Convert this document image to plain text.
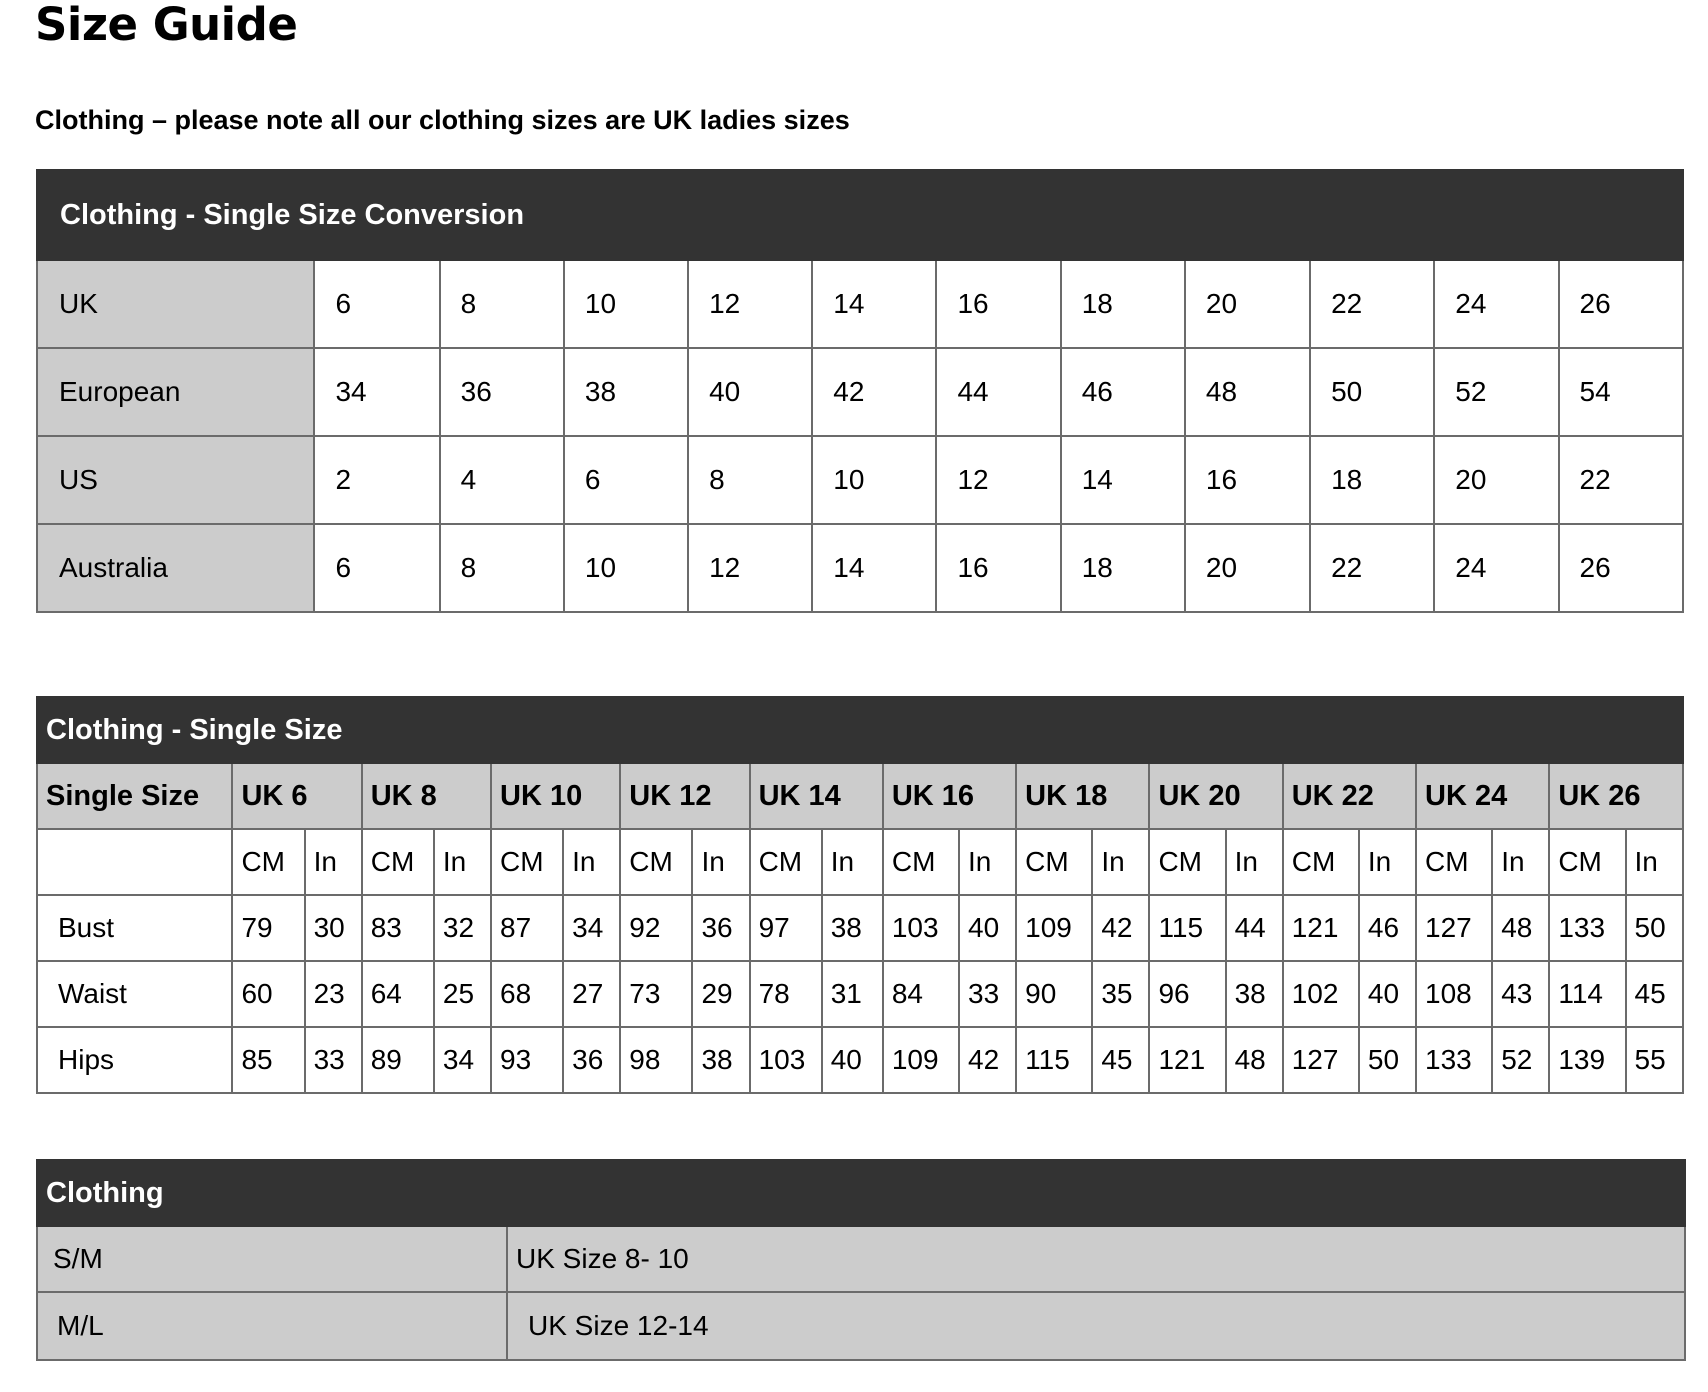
Size Guide

Clothing – please note all our clothing sizes are UK ladies sizes

Clothing - Single Size Conversion											
UK	6	8	10	12	14	16	18	20	22	24	26
European	34	36	38	40	42	44	46	48	50	52	54
US	2	4	6	8	10	12	14	16	18	20	22
Australia	6	8	10	12	14	16	18	20	22	24	26
Clothing - Single Size																						
Single Size	UK 6		UK 8		UK 10		UK 12		UK 14		UK 16		UK 18		UK 20		UK 22		UK 24		UK 26	
	CM	In	CM	In	CM	In	CM	In	CM	In	CM	In	CM	In	CM	In	CM	In	CM	In	CM	In
Bust	79	30	83	32	87	34	92	36	97	38	103	40	109	42	115	44	121	46	127	48	133	50
Waist	60	23	64	25	68	27	73	29	78	31	84	33	90	35	96	38	102	40	108	43	114	45
Hips	85	33	89	34	93	36	98	38	103	40	109	42	115	45	121	48	127	50	133	52	139	55
Clothing	
S/M	UK Size 8- 10
M/L	UK Size 12-14
